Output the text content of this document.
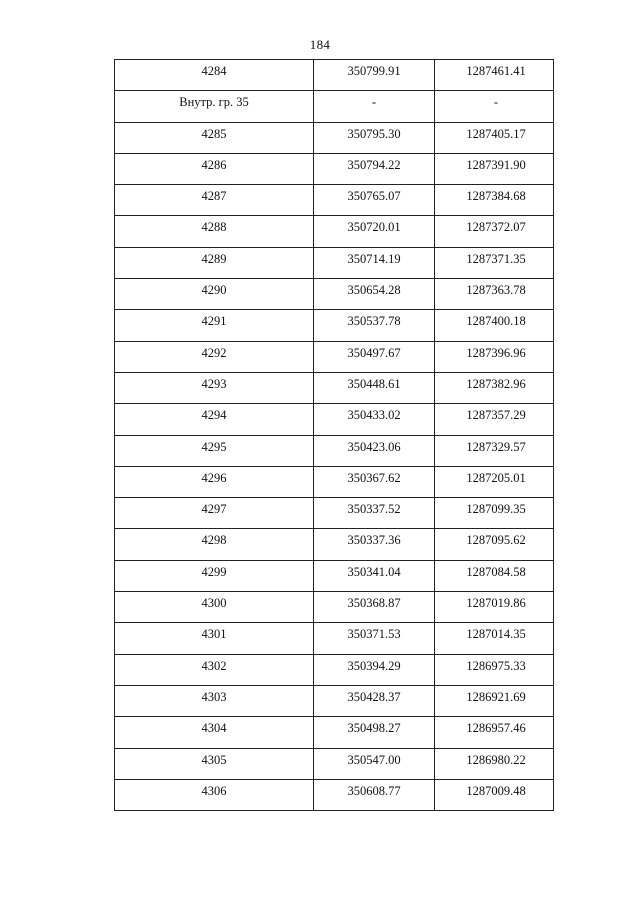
184
4284	350799.91	1287461.41

Внутр. гр. 35	-	-

4285	350795.30	1287405.17

4286	350794.22	1287391.90

4287	350765.07	1287384.68

4288	350720.01	1287372.07

4289	350714.19	1287371.35

4290	350654.28	1287363.78

4291	350537.78	1287400.18

4292	350497.67	1287396.96

4293	350448.61	1287382.96

4294	350433.02	1287357.29

4295	350423.06	1287329.57

4296	350367.62	1287205.01

4297	350337.52	1287099.35

4298	350337.36	1287095.62

4299	350341.04	1287084.58

4300	350368.87	1287019.86

4301	350371.53	1287014.35

4302	350394.29	1286975.33

4303	350428.37	1286921.69

4304	350498.27	1286957.46

4305	350547.00	1286980.22

4306	350608.77	1287009.48
